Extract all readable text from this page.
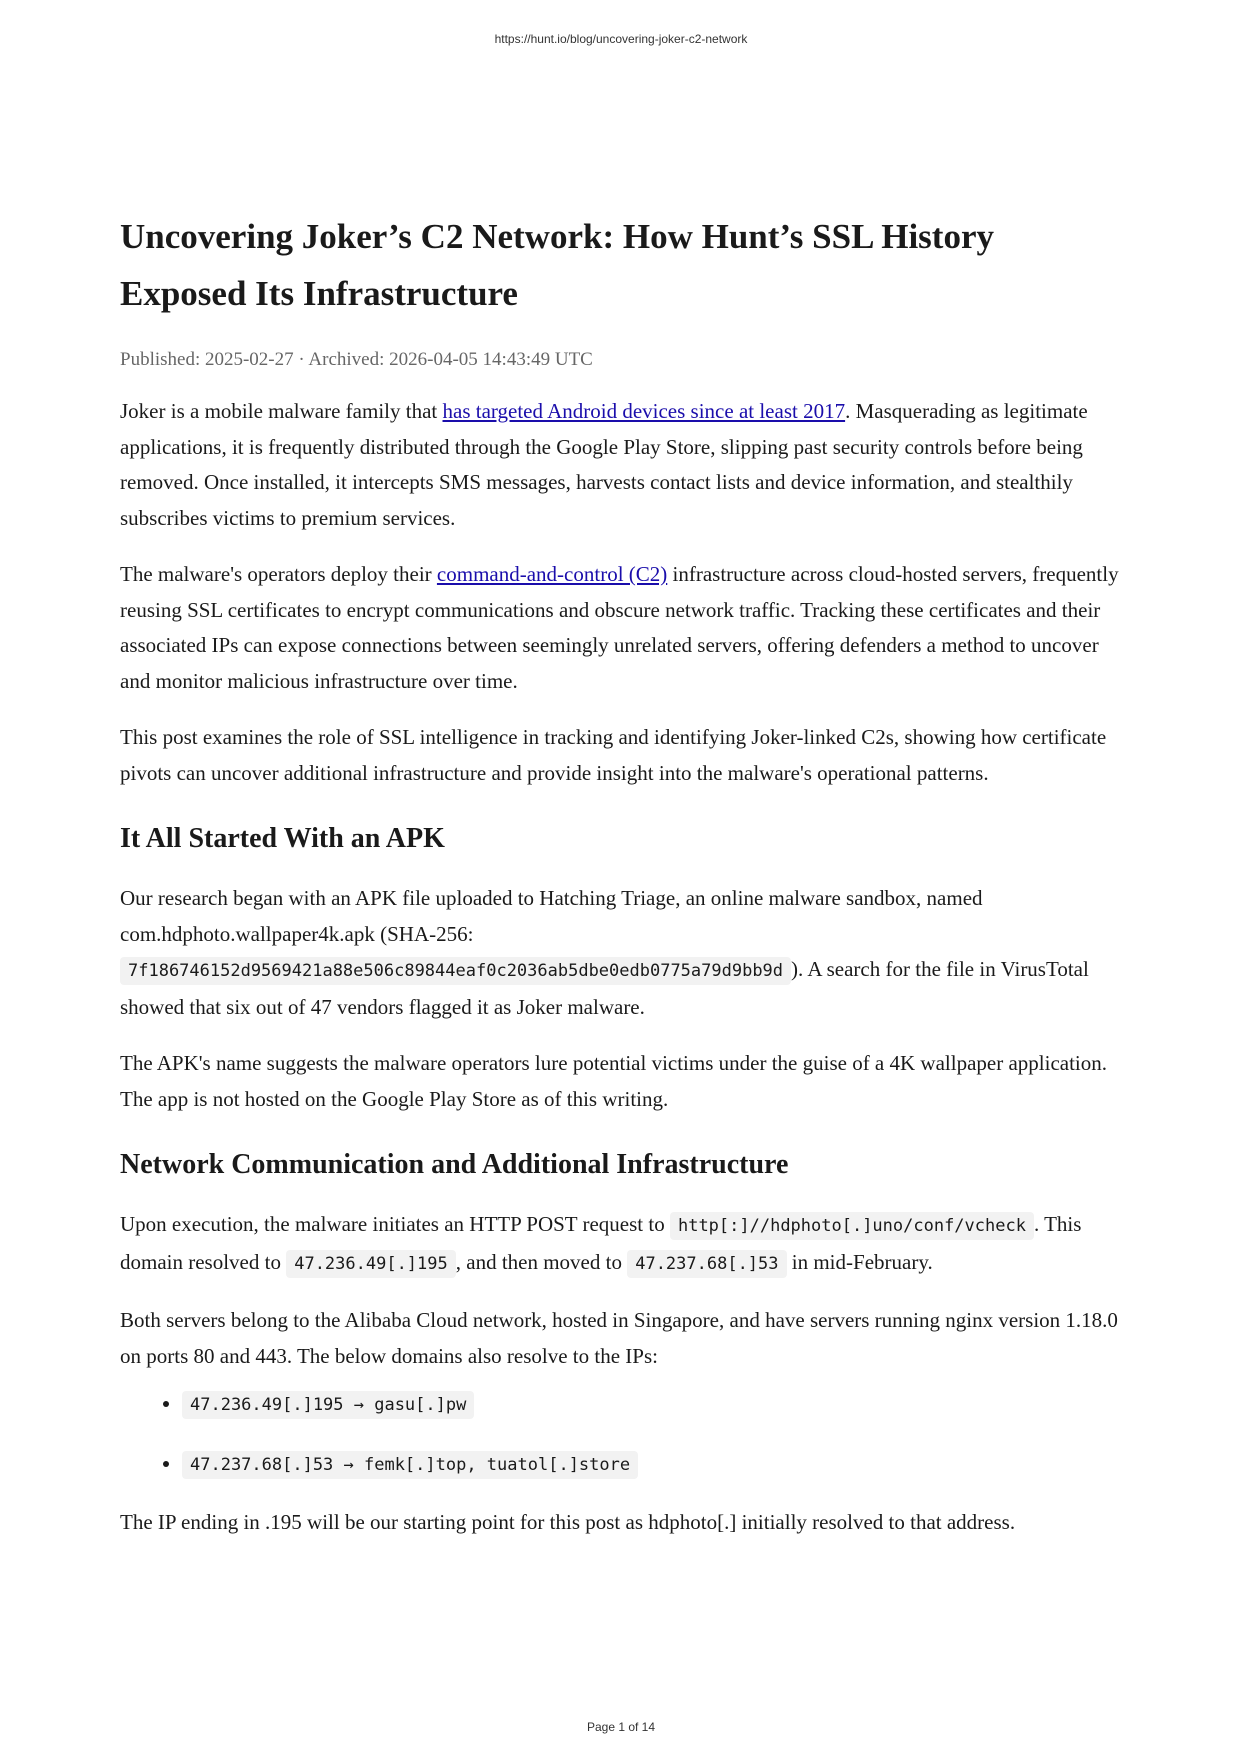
https://hunt.io/blog/uncovering-joker-c2-network
Uncovering Joker’s C2 Network: How Hunt’s SSL History
Exposed Its Infrastructure
Published: 2025-02-27 · Archived: 2026-04-05 14:43:49 UTC

Joker is a mobile malware family that has targeted Android devices since at least 2017. Masquerading as legitimate applications, it is frequently distributed through the Google Play Store, slipping past security controls before being removed. Once installed, it intercepts SMS messages, harvests contact lists and device information, and stealthily subscribes victims to premium services.

The malware's operators deploy their command-and-control (C2) infrastructure across cloud-hosted servers, frequently reusing SSL certificates to encrypt communications and obscure network traffic. Tracking these certificates and their associated IPs can expose connections between seemingly unrelated servers, offering defenders a method to uncover and monitor malicious infrastructure over time.

This post examines the role of SSL intelligence in tracking and identifying Joker-linked C2s, showing how certificate pivots can uncover additional infrastructure and provide insight into the malware's operational patterns.

It All Started With an APK

Our research began with an APK file uploaded to Hatching Triage, an online malware sandbox, named com.hdphoto.wallpaper4k.apk (SHA-256: 7f186746152d9569421a88e506c89844eaf0c2036ab5dbe0edb0775a79d9bb9d ). A search for the file in VirusTotal showed that six out of 47 vendors flagged it as Joker malware.

The APK's name suggests the malware operators lure potential victims under the guise of a 4K wallpaper application. The app is not hosted on the Google Play Store as of this writing.

Network Communication and Additional Infrastructure

Upon execution, the malware initiates an HTTP POST request to http[:]//hdphoto[.]uno/conf/vcheck . This domain resolved to 47.236.49[.]195 , and then moved to 47.237.68[.]53 in mid-February.

Both servers belong to the Alibaba Cloud network, hosted in Singapore, and have servers running nginx version 1.18.0 on ports 80 and 443. The below domains also resolve to the IPs:

• 47.236.49[.]195 → gasu[.]pw
• 47.237.68[.]53 → femk[.]top, tuatol[.]store

The IP ending in .195 will be our starting point for this post as hdphoto[.] initially resolved to that address.

Page 1 of 14
